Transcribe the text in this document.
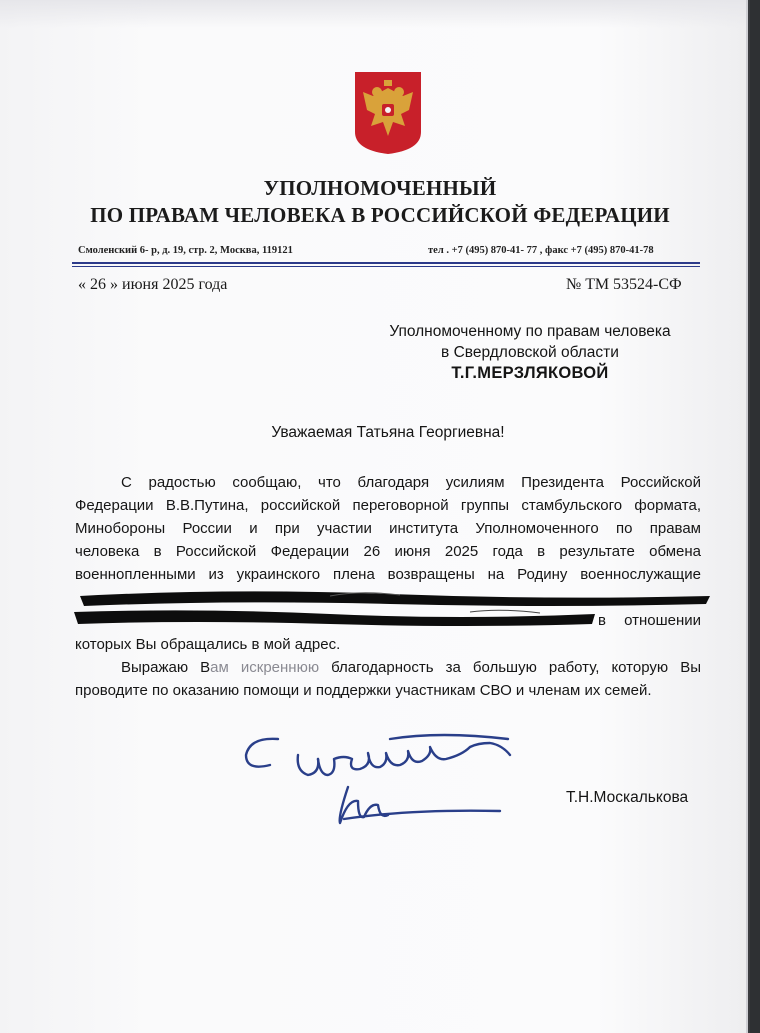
УПОЛНОМОЧЕННЫЙ
ПО ПРАВАМ ЧЕЛОВЕКА В РОССИЙСКОЙ ФЕДЕРАЦИИ
Смоленский 6- р, д. 19, стр. 2, Москва, 119121	тел . +7 (495) 870-41- 77 , факс +7 (495) 870-41-78
« 26 » июня 2025 года	№ ТМ 53524-СФ
Уполномоченному по правам человека
в Свердловской области
Т.Г.МЕРЗЛЯКОВОЙ
Уважаемая Татьяна Георгиевна!
С радостью сообщаю, что благодаря усилиям Президента Российской
Федерации В.В.Путина, российской переговорной группы стамбульского формата,
Минобороны России и при участии института Уполномоченного по правам
человека в Российской Федерации 26 июня 2025 года в результате обмена
военнопленными из украинского плена возвращены на Родину военнослужащие
в отношении
которых Вы обращались в мой адрес.
Выражаю Вам искреннюю благодарность за большую работу, которую Вы
проводите по оказанию помощи и поддержки участникам СВО и членам их семей.
Т.Н.Москалькова
